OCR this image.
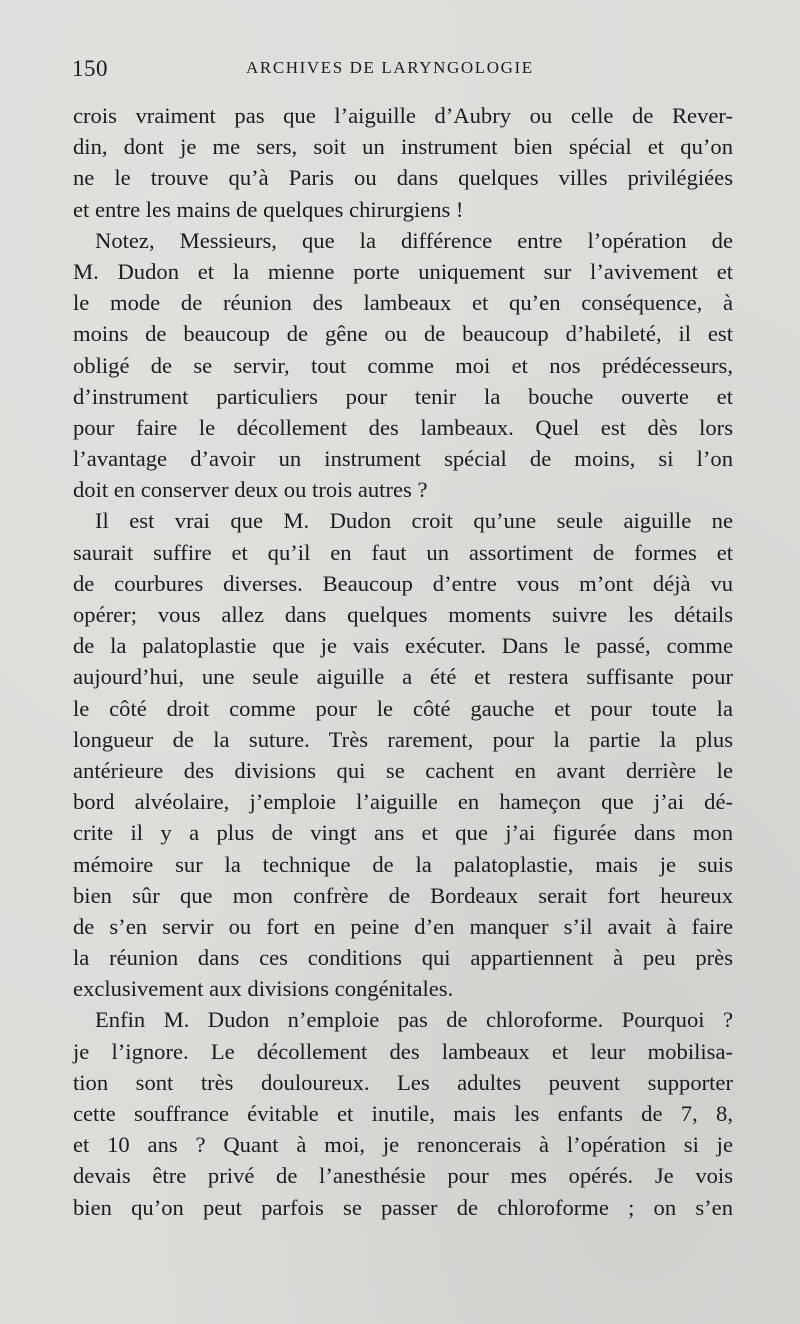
150	ARCHIVES DE LARYNGOLOGIE
crois vraiment pas que l’aiguille d’Aubry ou celle de Rever-
din, dont je me sers, soit un instrument bien spécial et qu’on
ne le trouve qu’à Paris ou dans quelques villes privilégiées
et entre les mains de quelques chirurgiens !
Notez, Messieurs, que la différence entre l’opération de
M. Dudon et la mienne porte uniquement sur l’avivement et
le mode de réunion des lambeaux et qu’en conséquence, à
moins de beaucoup de gêne ou de beaucoup d’habileté, il est
obligé de se servir, tout comme moi et nos prédécesseurs,
d’instrument particuliers pour tenir la bouche ouverte et
pour faire le décollement des lambeaux. Quel est dès lors
l’avantage d’avoir un instrument spécial de moins, si l’on
doit en conserver deux ou trois autres ?
Il est vrai que M. Dudon croit qu’une seule aiguille ne
saurait suffire et qu’il en faut un assortiment de formes et
de courbures diverses. Beaucoup d’entre vous m’ont déjà vu
opérer; vous allez dans quelques moments suivre les détails
de la palatoplastie que je vais exécuter. Dans le passé, comme
aujourd’hui, une seule aiguille a été et restera suffisante pour
le côté droit comme pour le côté gauche et pour toute la
longueur de la suture. Très rarement, pour la partie la plus
antérieure des divisions qui se cachent en avant derrière le
bord alvéolaire, j’emploie l’aiguille en hameçon que j’ai dé-
crite il y a plus de vingt ans et que j’ai figurée dans mon
mémoire sur la technique de la palatoplastie, mais je suis
bien sûr que mon confrère de Bordeaux serait fort heureux
de s’en servir ou fort en peine d’en manquer s’il avait à faire
la réunion dans ces conditions qui appartiennent à peu près
exclusivement aux divisions congénitales.
Enfin M. Dudon n’emploie pas de chloroforme. Pourquoi ?
je l’ignore. Le décollement des lambeaux et leur mobilisa-
tion sont très douloureux. Les adultes peuvent supporter
cette souffrance évitable et inutile, mais les enfants de 7, 8,
et 10 ans ? Quant à moi, je renoncerais à l’opération si je
devais être privé de l’anesthésie pour mes opérés. Je vois
bien qu’on peut parfois se passer de chloroforme ; on s’en
